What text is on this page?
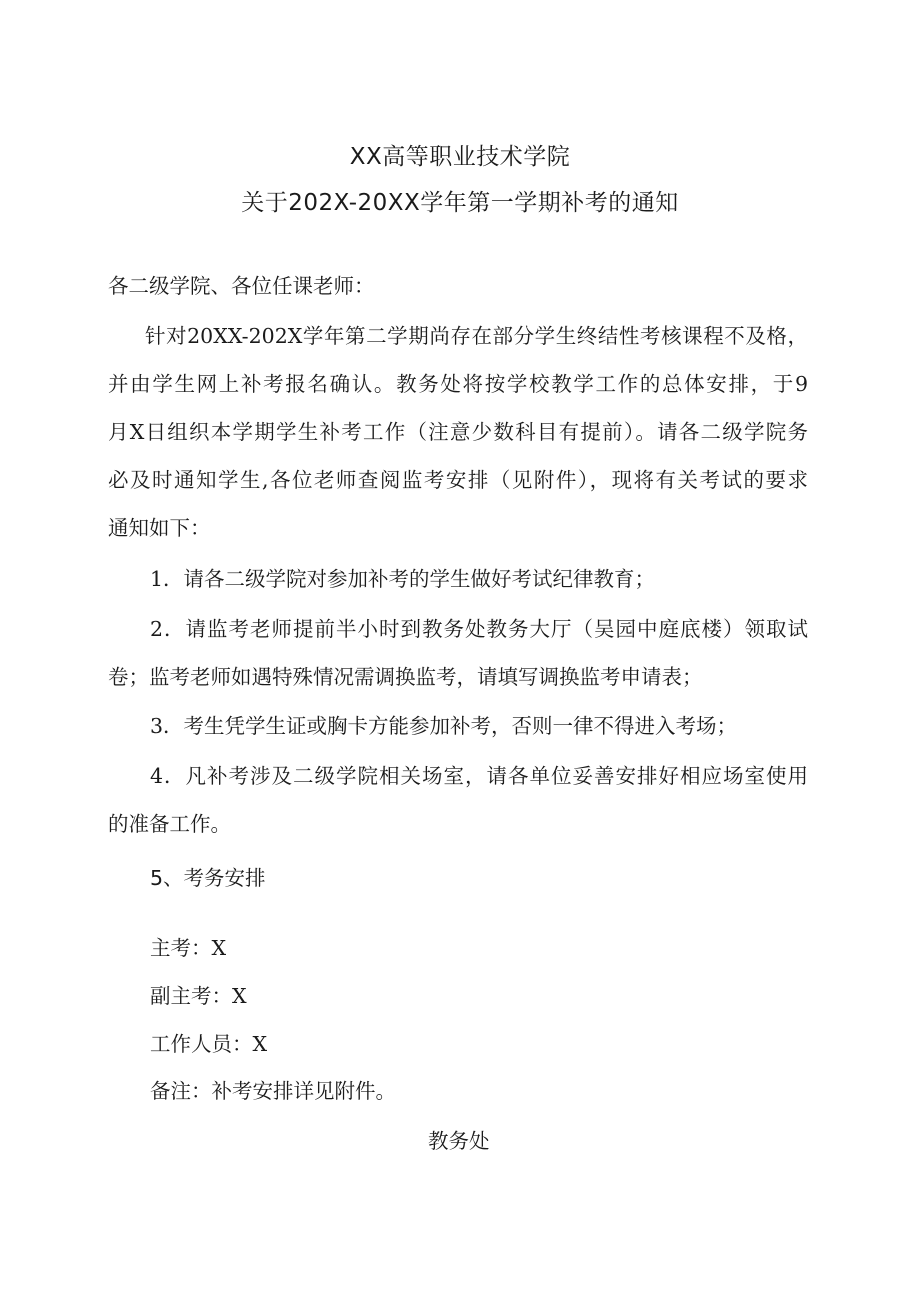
XX高等职业技术学院
关于202X-20XX学年第一学期补考的通知
各二级学院、各位任课老师：
针对20XX-202X学年第二学期尚存在部分学生终结性考核课程不及格，
并由学生网上补考报名确认。教务处将按学校教学工作的总体安排，于9
月X日组织本学期学生补考工作（注意少数科目有提前）。请各二级学院务
必及时通知学生,各位老师查阅监考安排（见附件），现将有关考试的要求
通知如下：
1．请各二级学院对参加补考的学生做好考试纪律教育；
2．请监考老师提前半小时到教务处教务大厅（吴园中庭底楼）领取试
卷；监考老师如遇特殊情况需调换监考，请填写调换监考申请表；
3．考生凭学生证或胸卡方能参加补考，否则一律不得进入考场；
4．凡补考涉及二级学院相关场室，请各单位妥善安排好相应场室使用
的准备工作。
5、考务安排
主考：X
副主考：X
工作人员：X
备注：补考安排详见附件。
教务处
